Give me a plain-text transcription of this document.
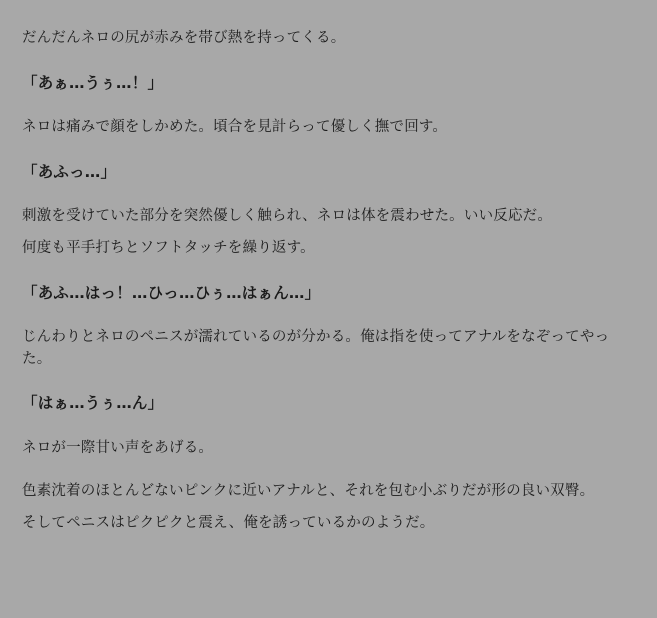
だんだんネロの尻が赤みを帯び熱を持ってくる。

「あぁ…うぅ…！」

ネロは痛みで顔をしかめた。頃合を見計らって優しく撫で回す。

「あふっ…」

刺激を受けていた部分を突然優しく触られ、ネロは体を震わせた。いい反応だ。

何度も平手打ちとソフトタッチを繰り返す。

「あふ…はっ！…ひっ…ひぅ…はぁん…」

じんわりとネロのペニスが濡れているのが分かる。俺は指を使ってアナルをなぞってやった。

「はぁ…うぅ…ん」

ネロが一際甘い声をあげる。

色素沈着のほとんどないピンクに近いアナルと、それを包む小ぶりだが形の良い双臀。

そしてペニスはピクピクと震え、俺を誘っているかのようだ。
